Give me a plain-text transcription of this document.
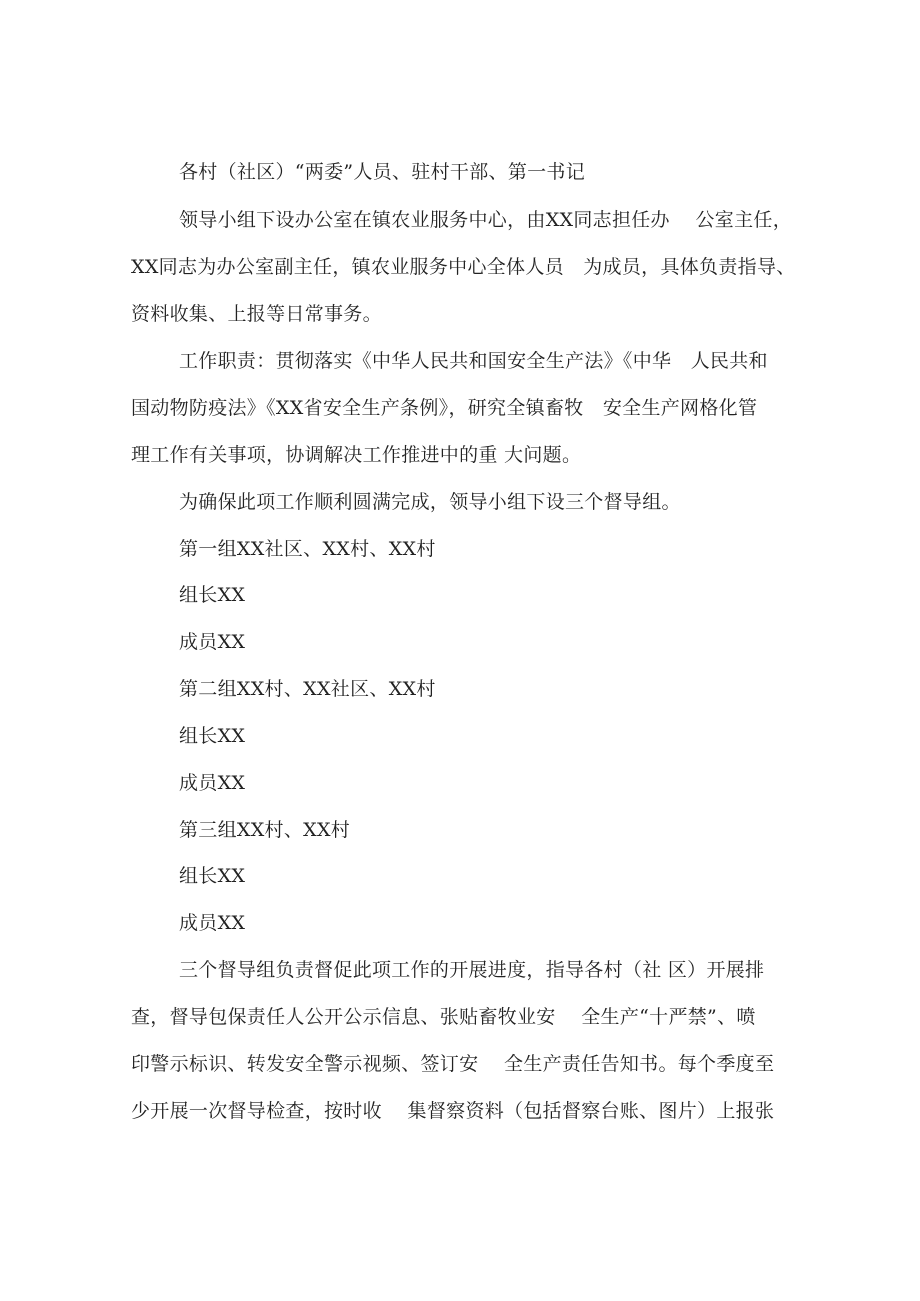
各村（社区）“两委”人员、驻村干部、第一书记
领导小组下设办公室在镇农业服务中心，由XX同志担任办　 公室主任，
XX同志为办公室副主任，镇农业服务中心全体人员　为成员，具体负责指导、
资料收集、上报等日常事务。
工作职责：贯彻落实《中华人民共和国安全生产法》《中华　人民共和
国动物防疫法》《XX省安全生产条例》，研究全镇畜牧　安全生产网格化管
理工作有关事项，协调解决工作推进中的重 大问题。
为确保此项工作顺利圆满完成，领导小组下设三个督导组。
第一组XX社区、XX村、XX村
组长XX
成员XX
第二组XX村、XX社区、XX村
组长XX
成员XX
第三组XX村、XX村
组长XX
成员XX
三个督导组负责督促此项工作的开展进度，指导各村（社 区）开展排
查，督导包保责任人公开公示信息、张贴畜牧业安　 全生产“十严禁”、喷
印警示标识、转发安全警示视频、签订安　 全生产责任告知书。每个季度至
少开展一次督导检查，按时收　 集督察资料（包括督察台账、图片）上报张
